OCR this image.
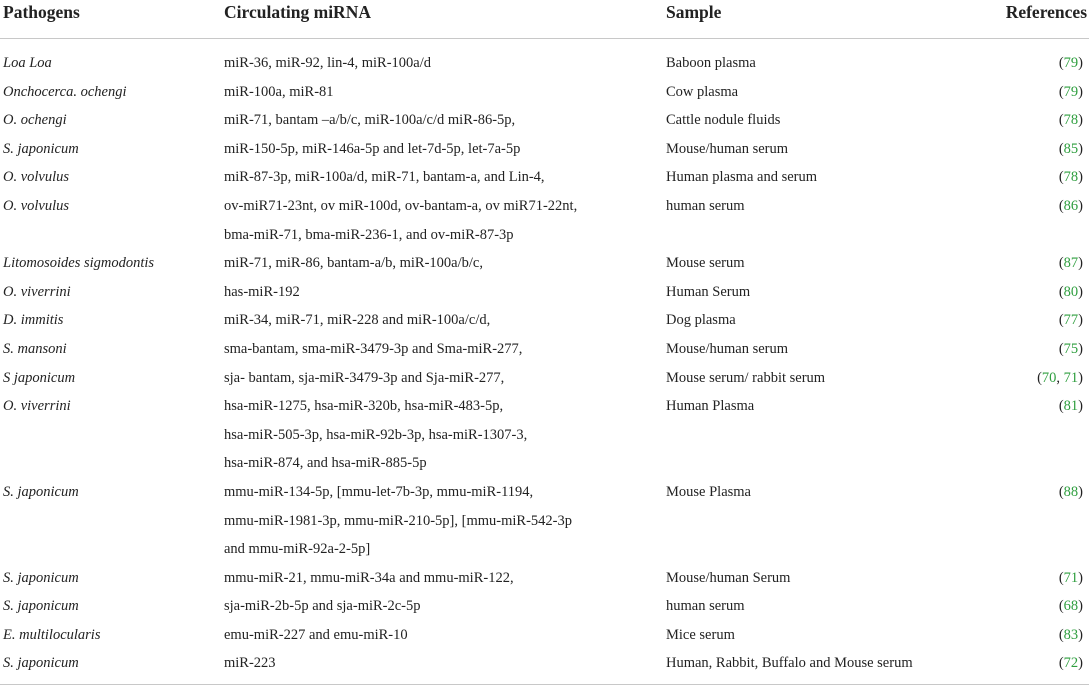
Pathogens	Circulating miRNA	Sample	References
Loa Loa	miR-36, miR-92, lin-4, miR-100a/d	Baboon plasma	(79)
Onchocerca. ochengi	miR-100a, miR-81	Cow plasma	(79)
O. ochengi	miR-71, bantam –a/b/c, miR-100a/c/d miR-86-5p,	Cattle nodule fluids	(78)
S. japonicum	miR-150-5p, miR-146a-5p and let-7d-5p, let-7a-5p	Mouse/human serum	(85)
O. volvulus	miR-87-3p, miR-100a/d, miR-71, bantam-a, and Lin-4,	Human plasma and serum	(78)
O. volvulus	ov-miR71-23nt, ov miR-100d, ov-bantam-a, ov miR71-22nt,
bma-miR-71, bma-miR-236-1, and ov-miR-87-3p	human serum	(86)
Litomosoides sigmodontis	miR-71, miR-86, bantam-a/b, miR-100a/b/c,	Mouse serum	(87)
O. viverrini	has-miR-192	Human Serum	(80)
D. immitis	miR-34, miR-71, miR-228 and miR-100a/c/d,	Dog plasma	(77)
S. mansoni	sma-bantam, sma-miR-3479-3p and Sma-miR-277,	Mouse/human serum	(75)
S japonicum	sja- bantam, sja-miR-3479-3p and Sja-miR-277,	Mouse serum/ rabbit serum	(70, 71)
O. viverrini	hsa-miR-1275, hsa-miR-320b, hsa-miR-483-5p,
hsa-miR-505-3p, hsa-miR-92b-3p, hsa-miR-1307-3,
hsa-miR-874, and hsa-miR-885-5p	Human Plasma	(81)
S. japonicum	mmu-miR-134-5p, [mmu-let-7b-3p, mmu-miR-1194,
mmu-miR-1981-3p, mmu-miR-210-5p], [mmu-miR-542-3p
and mmu-miR-92a-2-5p]	Mouse Plasma	(88)
S. japonicum	mmu-miR-21, mmu-miR-34a and mmu-miR-122,	Mouse/human Serum	(71)
S. japonicum	sja-miR-2b-5p and sja-miR-2c-5p	human serum	(68)
E. multilocularis	emu-miR-227 and emu-miR-10	Mice serum	(83)
S. japonicum	miR-223	Human, Rabbit, Buffalo and Mouse serum	(72)
